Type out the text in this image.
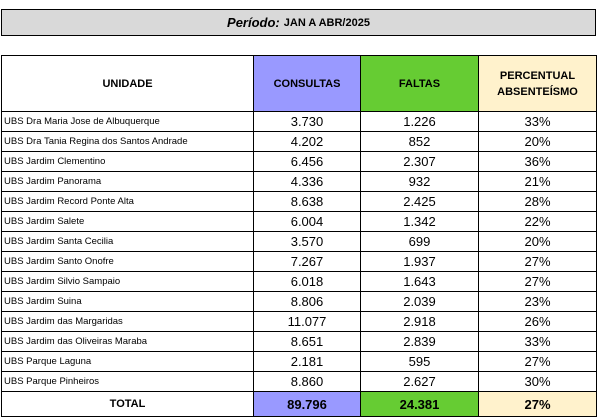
Período: JAN A ABR/2025
UNIDADE	CONSULTAS	FALTAS	PERCENTUAL ABSENTEÍSMO
UBS Dra Maria Jose de Albuquerque	3.730	1.226	33%
UBS Dra Tania Regina dos Santos Andrade	4.202	852	20%
UBS Jardim Clementino	6.456	2.307	36%
UBS Jardim Panorama	4.336	932	21%
UBS Jardim Record Ponte Alta	8.638	2.425	28%
UBS Jardim Salete	6.004	1.342	22%
UBS Jardim Santa Cecilia	3.570	699	20%
UBS Jardim Santo Onofre	7.267	1.937	27%
UBS Jardim Silvio Sampaio	6.018	1.643	27%
UBS Jardim Suina	8.806	2.039	23%
UBS Jardim das Margaridas	11.077	2.918	26%
UBS Jardim das Oliveiras Maraba	8.651	2.839	33%
UBS Parque Laguna	2.181	595	27%
UBS Parque Pinheiros	8.860	2.627	30%
TOTAL	89.796	24.381	27%
